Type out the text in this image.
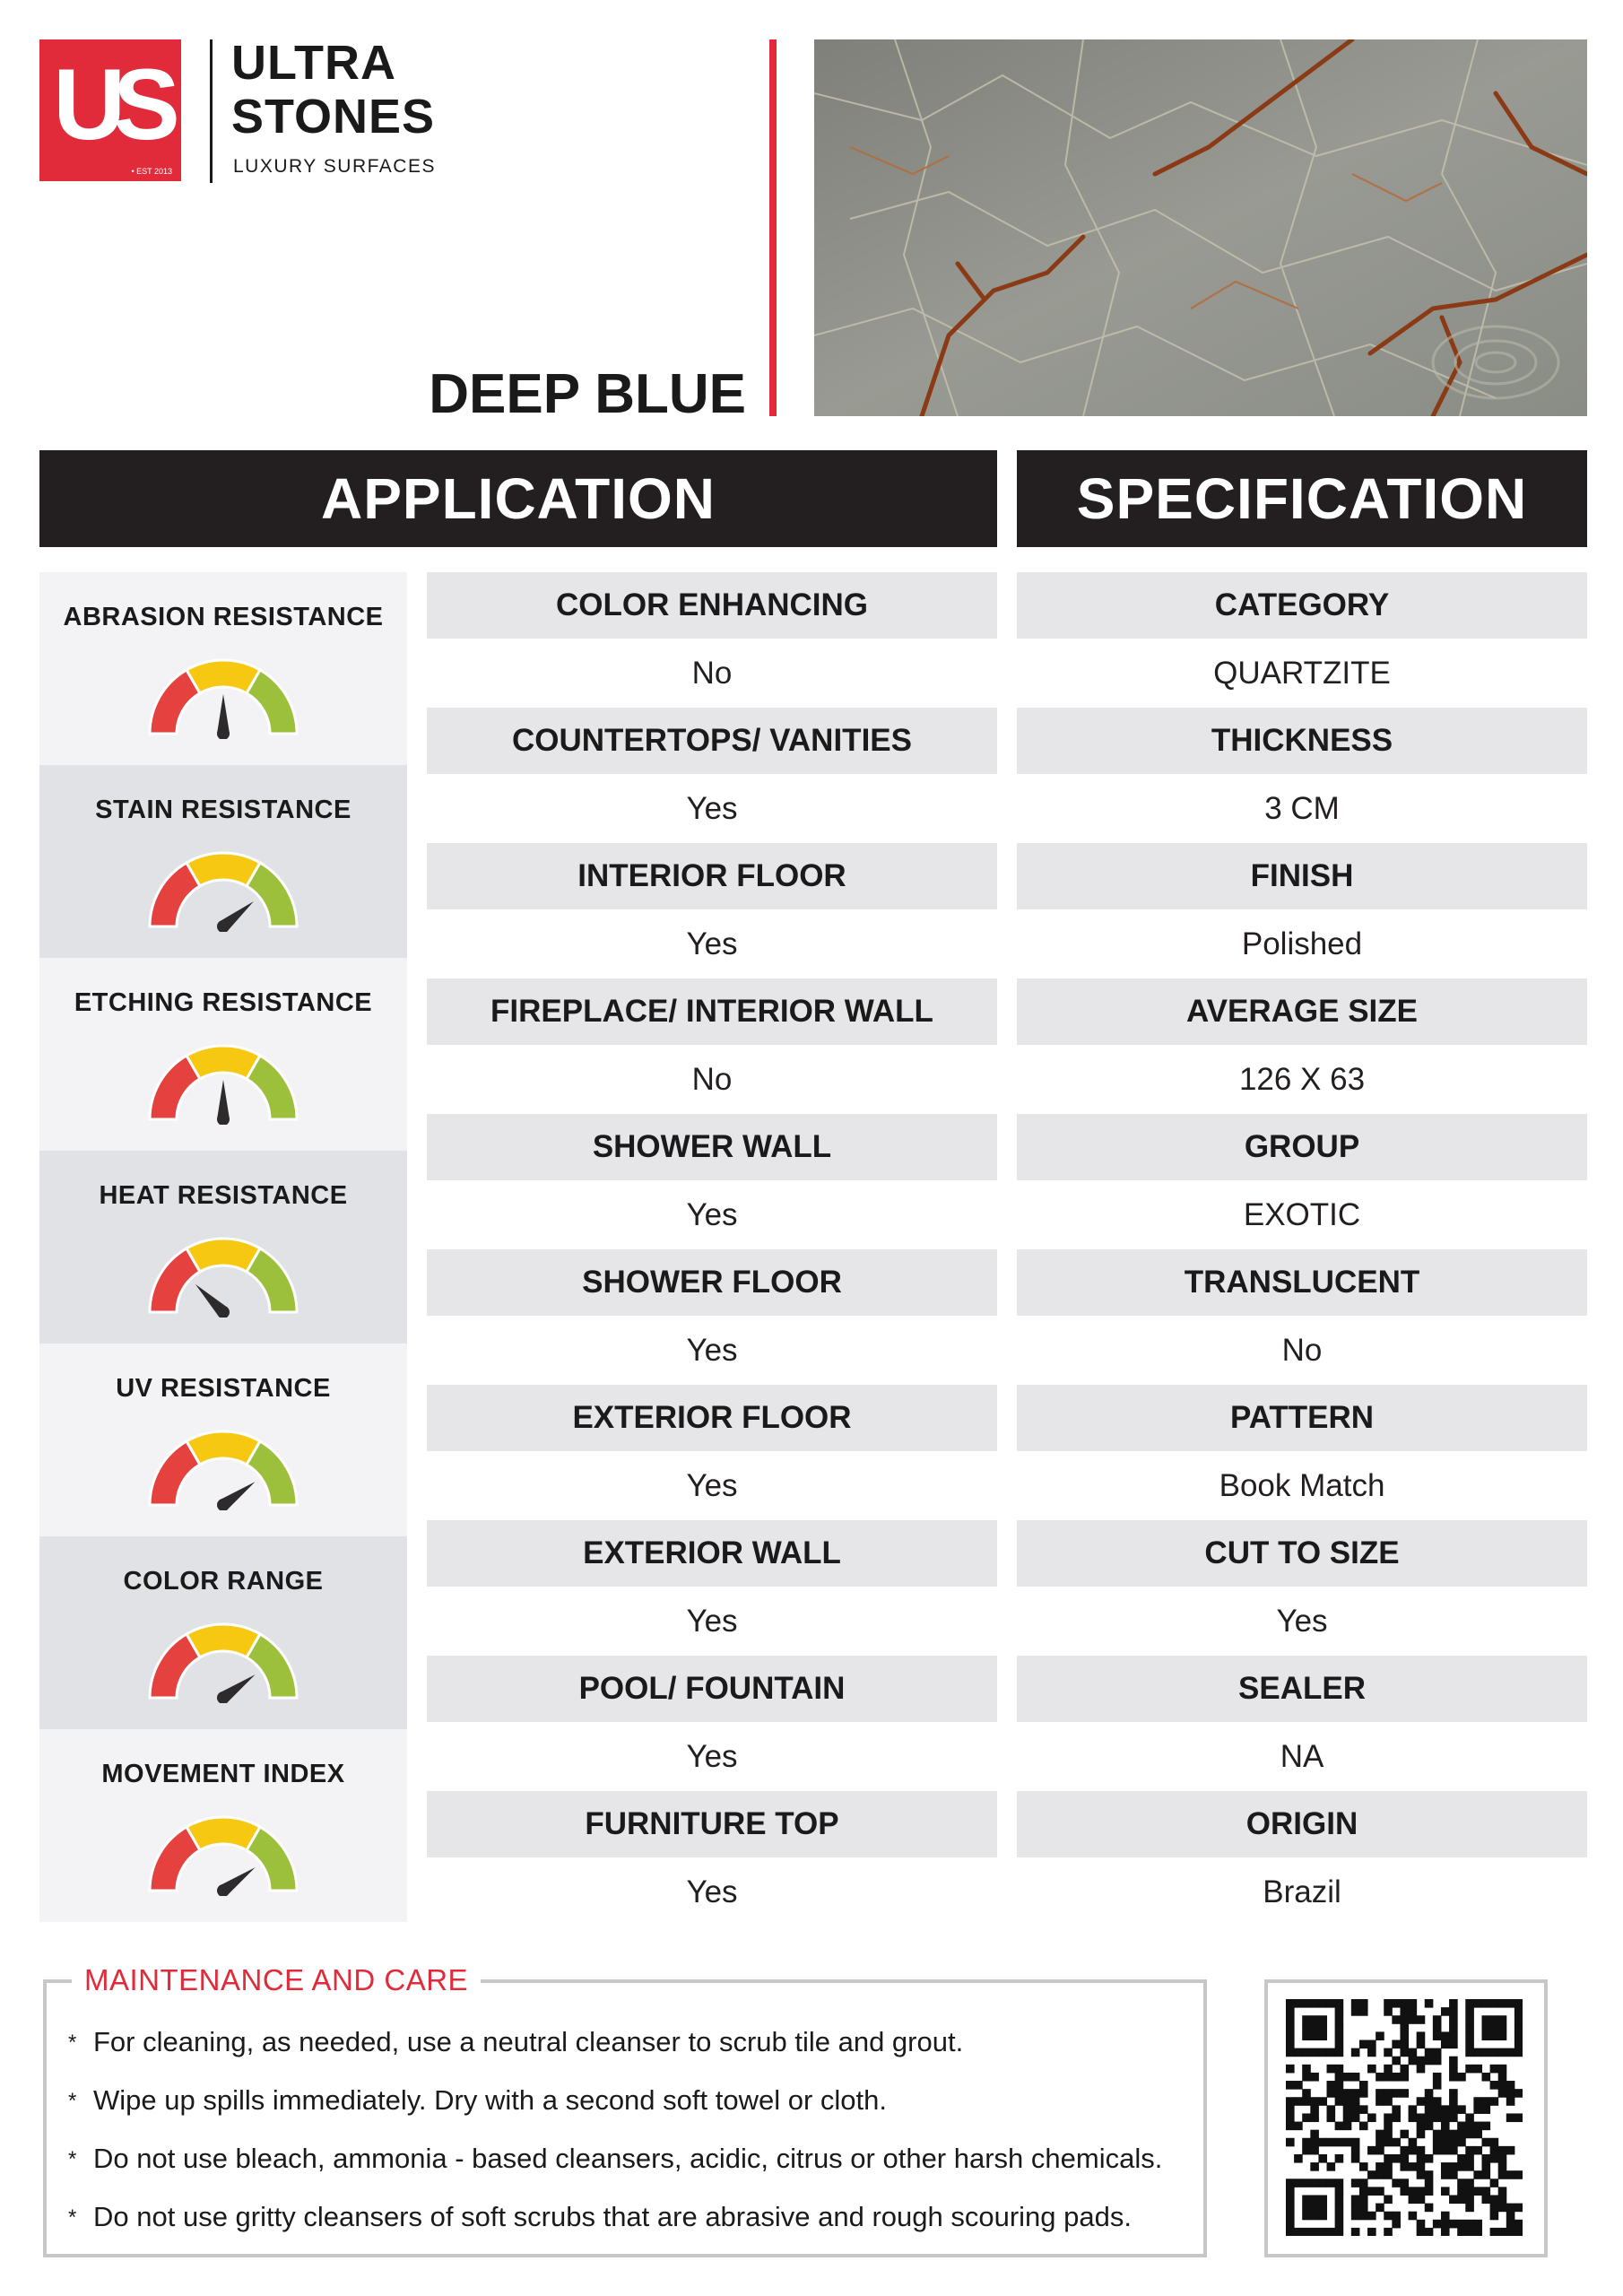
US
• EST 2013
ULTRA
STONES
LUXURY SURFACES
DEEP BLUE
APPLICATION	SPECIFICATION
ABRASION RESISTANCE
STAIN RESISTANCE
ETCHING RESISTANCE
HEAT RESISTANCE
UV RESISTANCE
COLOR RANGE
MOVEMENT INDEX
COLOR ENHANCING
No
COUNTERTOPS/ VANITIES
Yes
INTERIOR FLOOR
Yes
FIREPLACE/ INTERIOR WALL
No
SHOWER WALL
Yes
SHOWER FLOOR
Yes
EXTERIOR FLOOR
Yes
EXTERIOR WALL
Yes
POOL/ FOUNTAIN
Yes
FURNITURE TOP
Yes
CATEGORY
QUARTZITE
THICKNESS
3 CM
FINISH
Polished
AVERAGE SIZE
126 X 63
GROUP
EXOTIC
TRANSLUCENT
No
PATTERN
Book Match
CUT TO SIZE
Yes
SEALER
NA
ORIGIN
Brazil
MAINTENANCE AND CARE
* For cleaning, as needed, use a neutral cleanser to scrub tile and grout.
* Wipe up spills immediately. Dry with a second soft towel or cloth.
* Do not use bleach, ammonia - based cleansers, acidic, citrus or other harsh chemicals.
* Do not use gritty cleansers of soft scrubs that are abrasive and rough scouring pads.
